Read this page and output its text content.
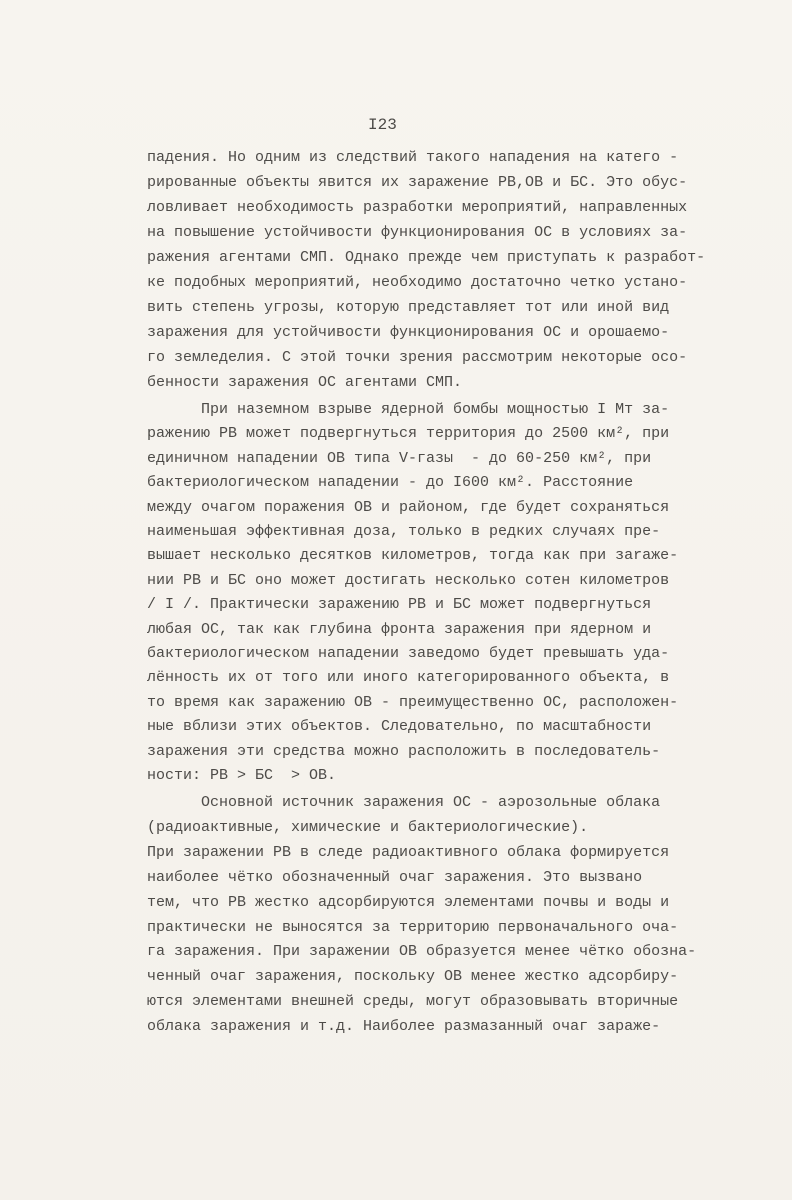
I23
падения. Но одним из следствий такого нападения на катего -
рированные объекты явится их заражение РВ,ОВ и БС. Это обус-
ловливает необходимость разработки мероприятий, направленных
на повышение устойчивости функционирования ОС в условиях за-
ражения агентами СМП. Однако прежде чем приступать к разработ-
ке подобных мероприятий, необходимо достаточно четко устано-
вить степень угрозы, которую представляет тот или иной вид
заражения для устойчивости функционирования ОС и орошаемо-
го земледелия. С этой точки зрения рассмотрим некоторые осо-
бенности заражения ОС агентами СМП.
При наземном взрыве ядерной бомбы мощностью I Мт за-
ражению РВ может подвергнуться территория до 2500 км², при
единичном нападении ОВ типа V-газы  - до 60-250 км², при
бактериологическом нападении - до I600 км². Расстояние
между очагом поражения ОВ и районом, где будет сохраняться
наименьшая эффективная доза, только в редких случаях пре-
вышает несколько десятков километров, тогда как при заraже-
нии РВ и БС оно может достигать несколько сотен километров
/ I /. Практически заражению РВ и БС может подвергнуться
любая ОС, так как глубина фронта заражения при ядерном и
бактериологическом нападении заведомо будет превышать уда-
лённость их от того или иного категорированного объекта, в
то время как заражению ОВ - преимущественно ОС, расположен-
ные вблизи этих объектов. Следовательно, по масштабности
заражения эти средства можно расположить в последователь-
ности: РВ > БС  > ОВ.
Основной источник заражения ОС - аэрозольные облака
(радиоактивные, химические и бактериологические).
При заражении РВ в следе радиоактивного облака формируется
наиболее чётко обозначенный очаг заражения. Это вызвано
тем, что РВ жестко адсорбируются элементами почвы и воды и
практически не выносятся за территорию первоначального оча-
га заражения. При заражении ОВ образуется менее чётко обозна-
ченный очаг заражения, поскольку ОВ менее жестко адсорбиру-
ются элементами внешней среды, могут образовывать вторичные
облака заражения и т.д. Наиболее размазанный очаг зараже-
